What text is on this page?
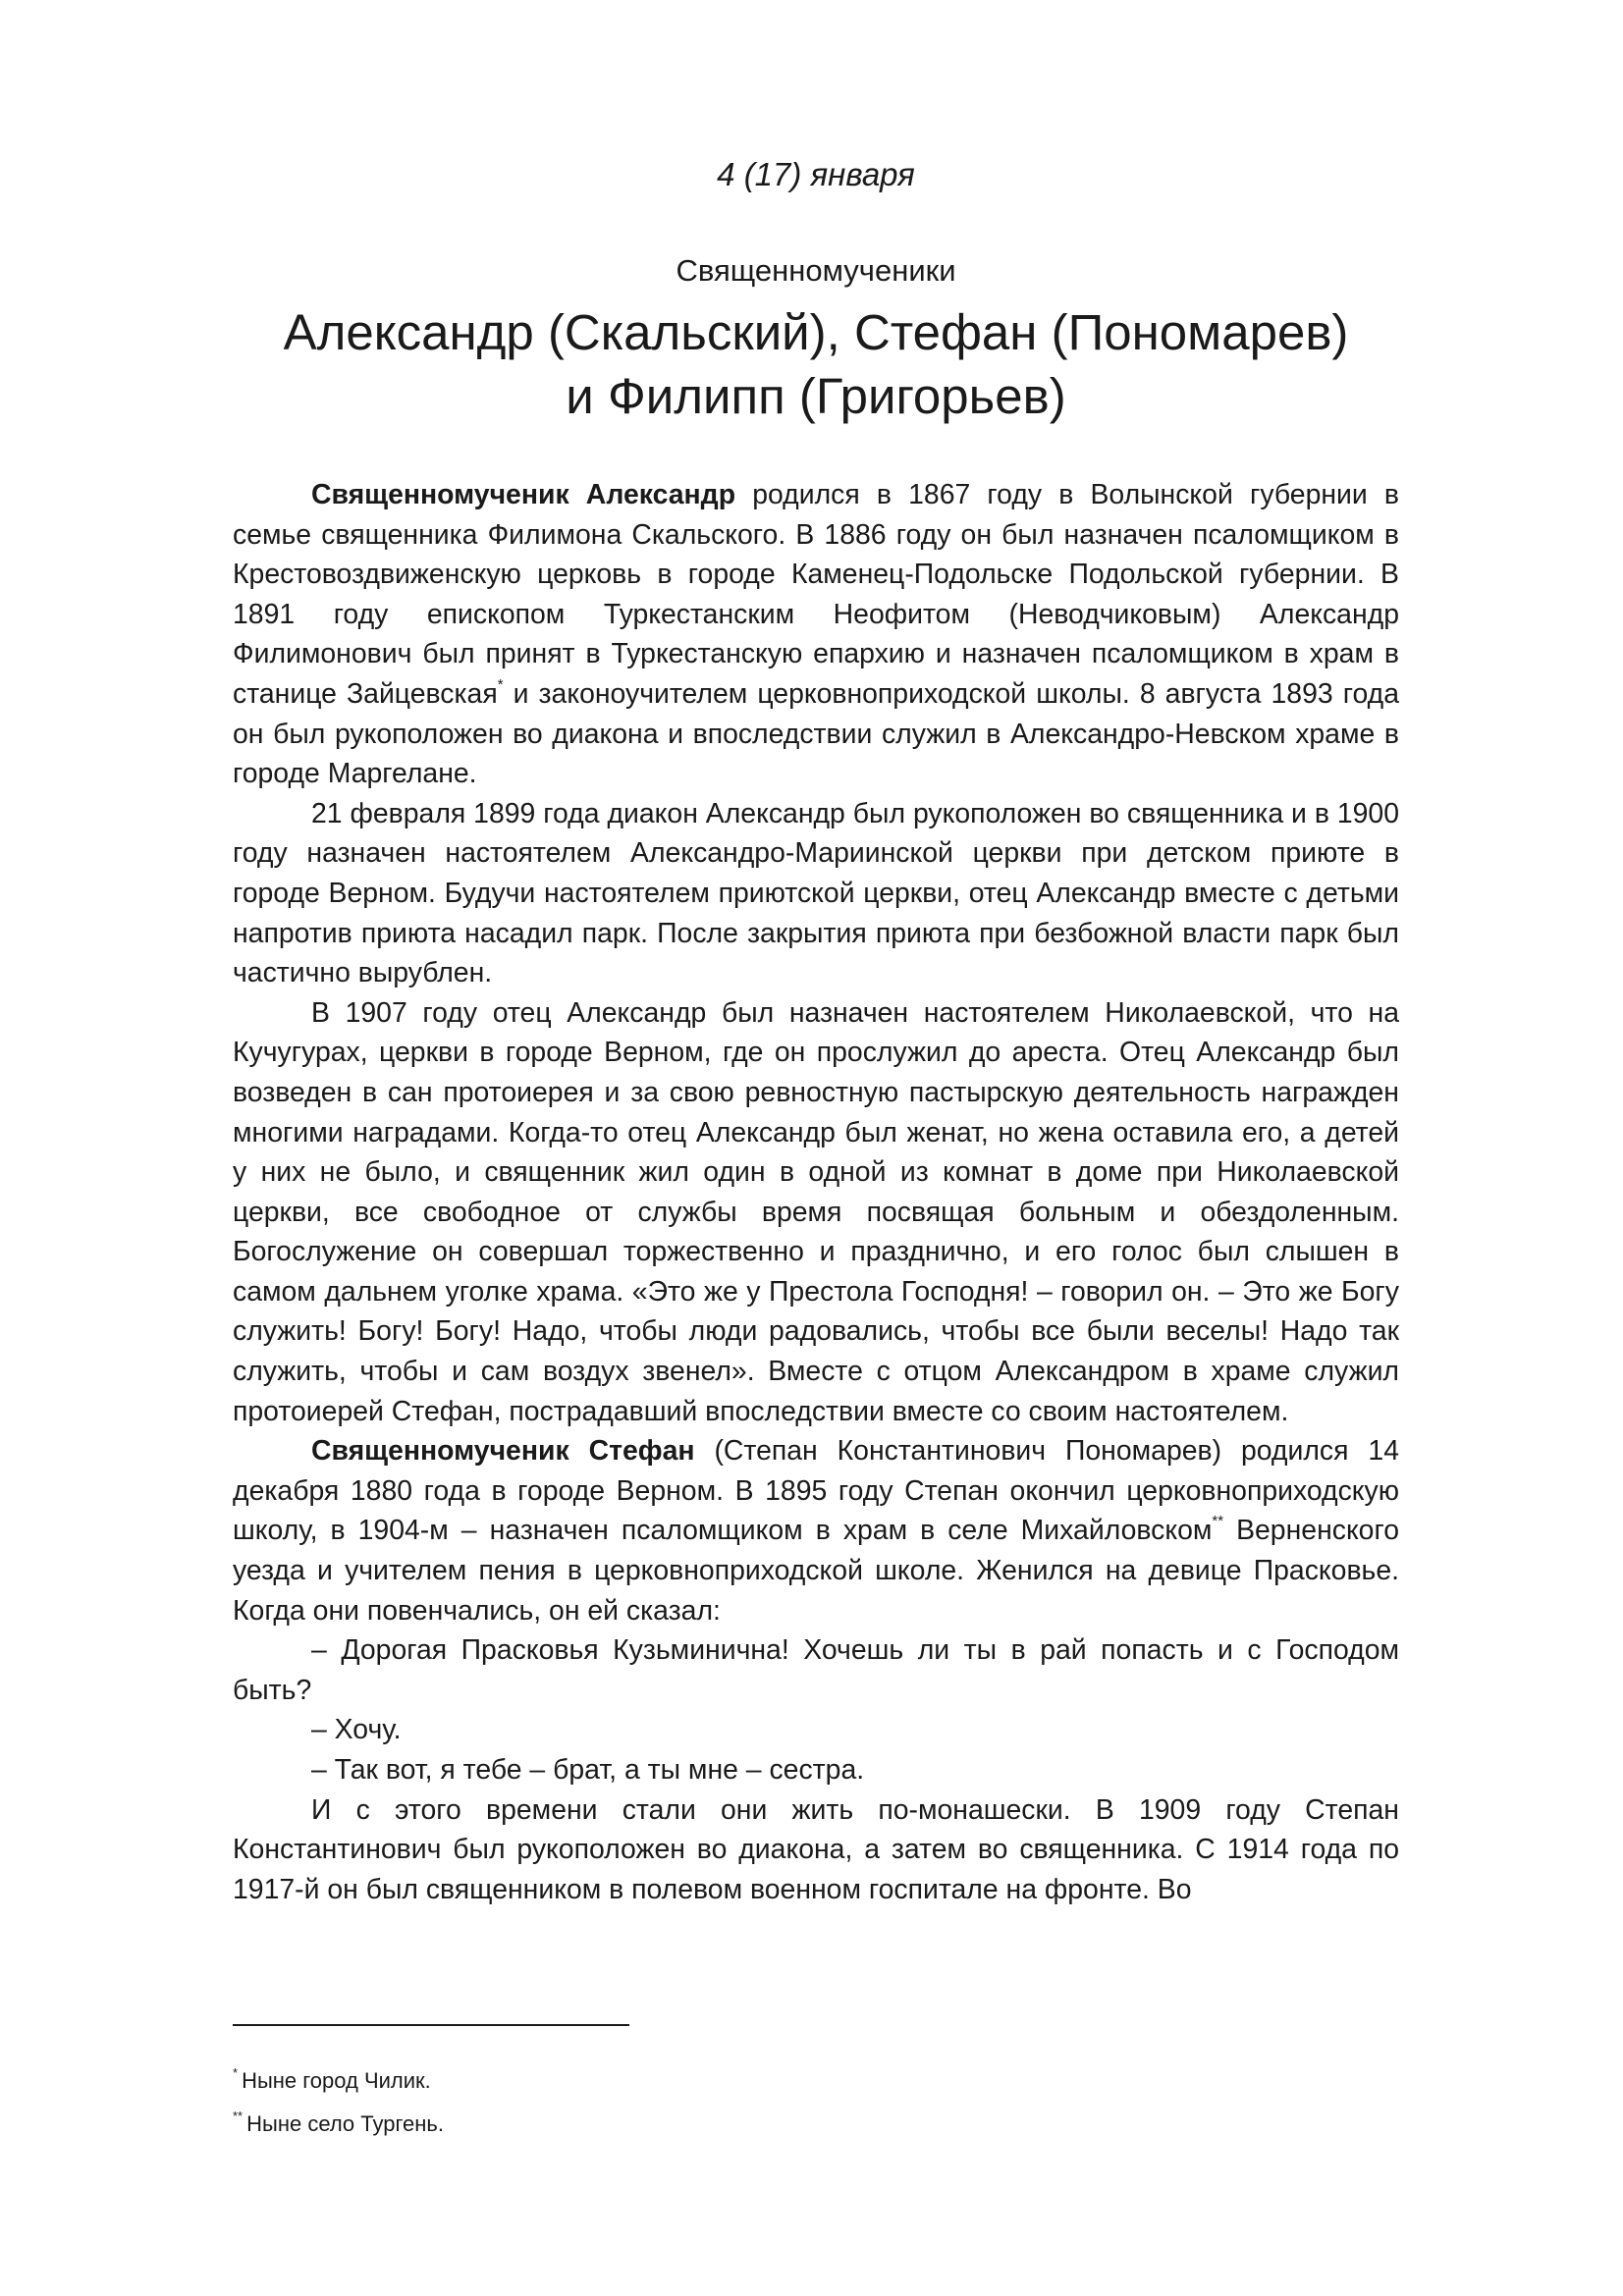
4 (17) января
Священномученики
Александр (Скальский), Стефан (Пономарев)
и Филипп (Григорьев)

Священномученик Александр родился в 1867 году в Волынской губернии в семье священника Филимона Скальского. В 1886 году он был назначен псаломщиком в Крестовоздвиженскую церковь в городе Каменец-Подольске Подольской губернии. В 1891 году епископом Туркестанским Неофитом (Неводчиковым) Александр Филимонович был принят в Туркестанскую епархию и назначен псаломщиком в храм в станице Зайцевская* и законоучителем церковноприходской школы. 8 августа 1893 года он был рукоположен во диакона и впоследствии служил в Александро-Невском храме в городе Маргелане.

21 февраля 1899 года диакон Александр был рукоположен во священника и в 1900 году назначен настоятелем Александро-Мариинской церкви при детском приюте в городе Верном. Будучи настоятелем приютской церкви, отец Александр вместе с детьми напротив приюта насадил парк. После закрытия приюта при безбожной власти парк был частично вырублен.

В 1907 году отец Александр был назначен настоятелем Николаевской, что на Кучугурах, церкви в городе Верном, где он прослужил до ареста. Отец Александр был возведен в сан протоиерея и за свою ревностную пастырскую деятельность награжден многими наградами. Когда-то отец Александр был женат, но жена оставила его, а детей у них не было, и священник жил один в одной из комнат в доме при Николаевской церкви, все свободное от службы время посвящая больным и обездоленным. Богослужение он совершал торжественно и празднично, и его голос был слышен в самом дальнем уголке храма. «Это же у Престола Господня! – говорил он. – Это же Богу служить! Богу! Богу! Надо, чтобы люди радовались, чтобы все были веселы! Надо так служить, чтобы и сам воздух звенел». Вместе с отцом Александром в храме служил протоиерей Стефан, пострадавший впоследствии вместе со своим настоятелем.

Священномученик Стефан (Степан Константинович Пономарев) родился 14 декабря 1880 года в городе Верном. В 1895 году Степан окончил церковноприходскую школу, в 1904-м – назначен псаломщиком в храм в селе Михайловском** Верненского уезда и учителем пения в церковноприходской школе. Женился на девице Прасковье. Когда они повенчались, он ей сказал:

– Дорогая Прасковья Кузьминична! Хочешь ли ты в рай попасть и с Господом быть?

– Хочу.

– Так вот, я тебе – брат, а ты мне – сестра.

И с этого времени стали они жить по-монашески. В 1909 году Степан Константинович был рукоположен во диакона, а затем во священника. С 1914 года по 1917-й он был священником в полевом военном госпитале на фронте. Во

* Ныне город Чилик.
** Ныне село Тургень.
